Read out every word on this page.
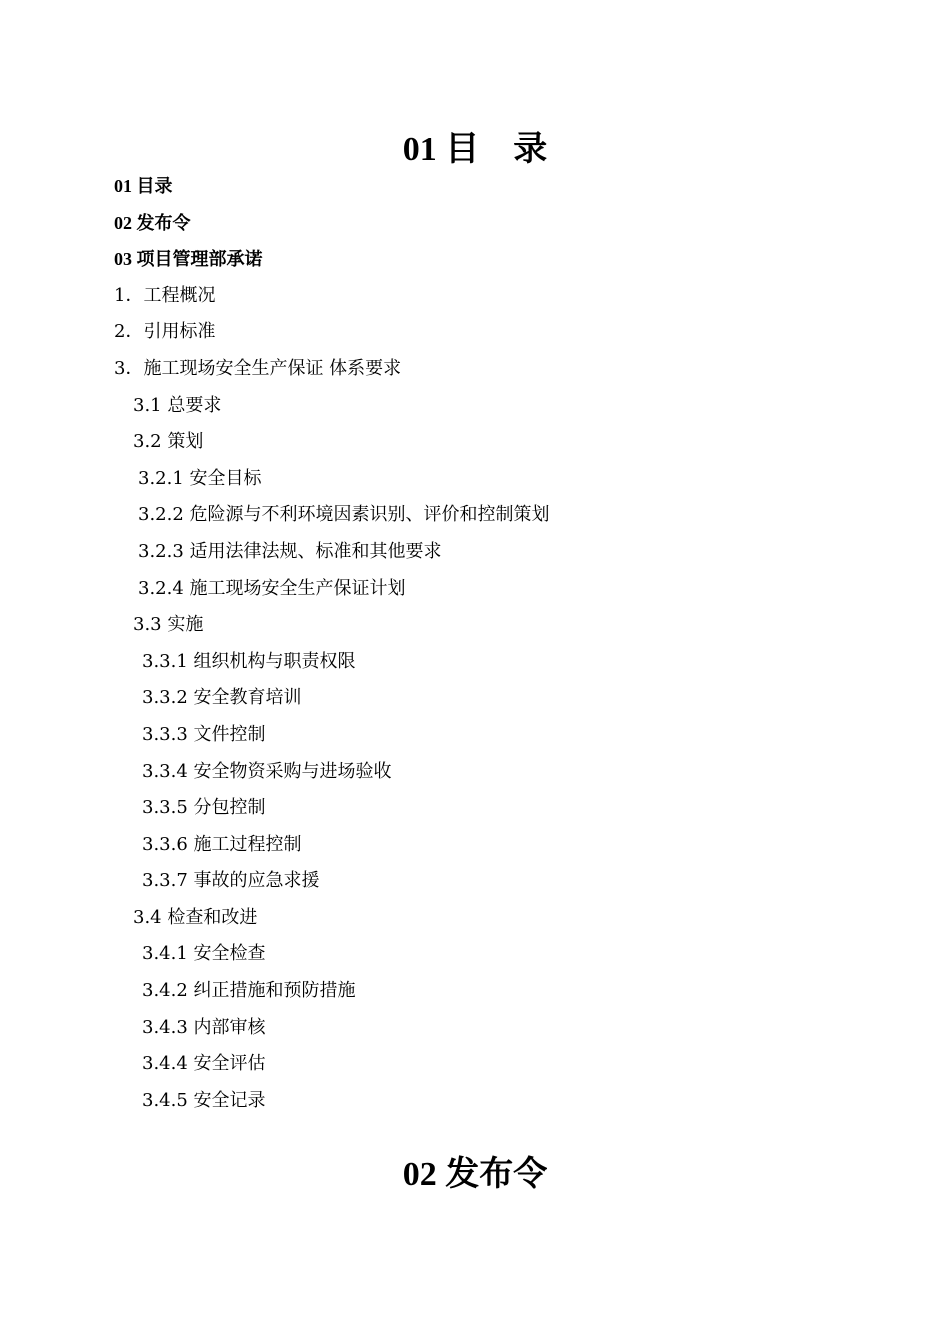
01 目　录
01 目录
02 发布令
03 项目管理部承诺
1．工程概况
2．引用标准
3．施工现场安全生产保证 体系要求
3.1 总要求
3.2 策划
3.2.1 安全目标
3.2.2 危险源与不利环境因素识别、评价和控制策划
3.2.3 适用法律法规、标准和其他要求
3.2.4 施工现场安全生产保证计划
3.3 实施
3.3.1 组织机构与职责权限
3.3.2 安全教育培训
3.3.3 文件控制
3.3.4 安全物资采购与进场验收
3.3.5 分包控制
3.3.6 施工过程控制
3.3.7 事故的应急求援
3.4 检查和改进
3.4.1 安全检查
3.4.2 纠正措施和预防措施
3.4.3 内部审核
3.4.4 安全评估
3.4.5 安全记录
02 发布令
